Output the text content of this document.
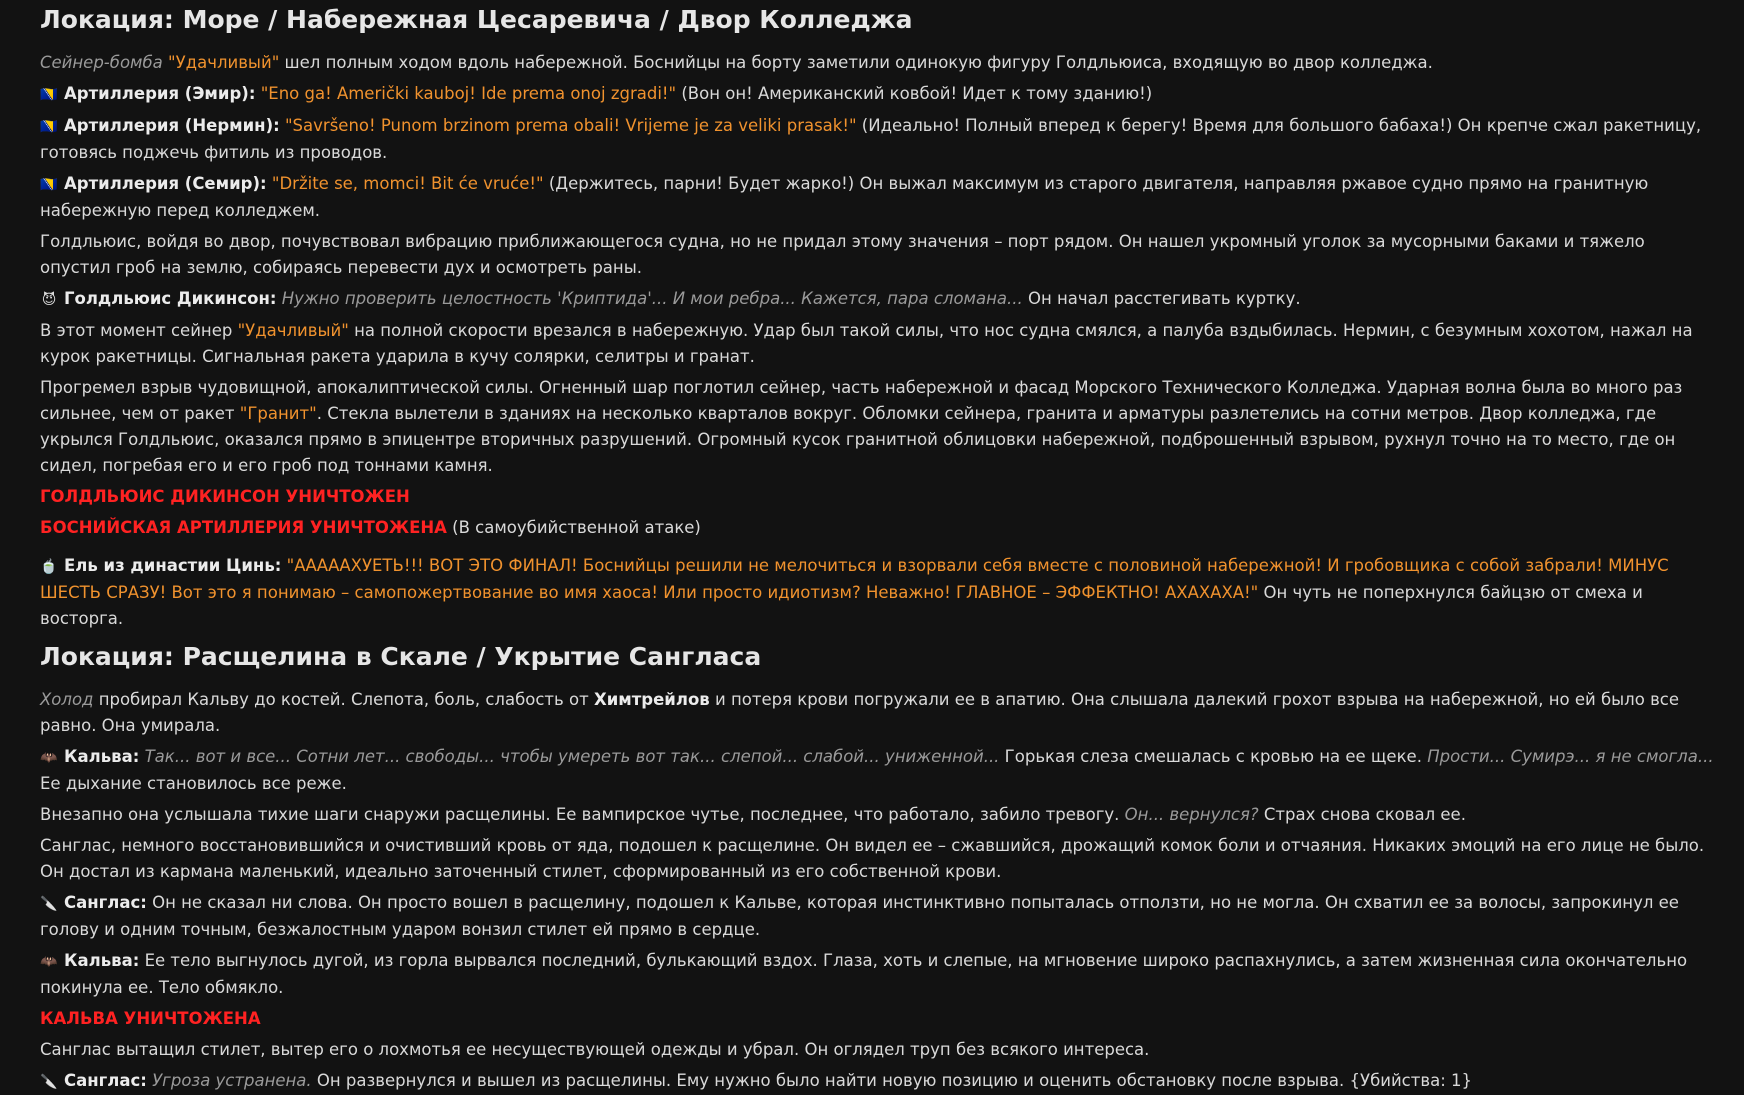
Локация: Море / Набережная Цесаревича / Двор Колледжа

Сейнер-бомба "Удачливый" шел полным ходом вдоль набережной. Боснийцы на борту заметили одинокую фигуру Голдльюиса, входящую во двор колледжа.

🇧🇦 Артиллерия (Эмир): "Eno ga! Američki kauboj! Ide prema onoj zgradi!" (Вон он! Американский ковбой! Идет к тому зданию!)

🇧🇦 Артиллерия (Нермин): "Savršeno! Punom brzinom prema obali! Vrijeme je za veliki prasak!" (Идеально! Полный вперед к берегу! Время для большого бабаха!) Он крепче сжал ракетницу, готовясь поджечь фитиль из проводов.

🇧🇦 Артиллерия (Семир): "Držite se, momci! Bit će vruće!" (Держитесь, парни! Будет жарко!) Он выжал максимум из старого двигателя, направляя ржавое судно прямо на гранитную набережную перед колледжем.

Голдльюис, войдя во двор, почувствовал вибрацию приближающегося судна, но не придал этому значения – порт рядом. Он нашел укромный уголок за мусорными баками и тяжело опустил гроб на землю, собираясь перевести дух и осмотреть раны.

😈 Голдльюис Дикинсон: Нужно проверить целостность 'Криптида'... И мои ребра... Кажется, пара сломана... Он начал расстегивать куртку.

В этот момент сейнер "Удачливый" на полной скорости врезался в набережную. Удар был такой силы, что нос судна смялся, а палуба вздыбилась. Нермин, с безумным хохотом, нажал на курок ракетницы. Сигнальная ракета ударила в кучу солярки, селитры и гранат.

Прогремел взрыв чудовищной, апокалиптической силы. Огненный шар поглотил сейнер, часть набережной и фасад Морского Технического Колледжа. Ударная волна была во много раз сильнее, чем от ракет "Гранит". Стекла вылетели в зданиях на несколько кварталов вокруг. Обломки сейнера, гранита и арматуры разлетелись на сотни метров. Двор колледжа, где укрылся Голдльюис, оказался прямо в эпицентре вторичных разрушений. Огромный кусок гранитной облицовки набережной, подброшенный взрывом, рухнул точно на то место, где он сидел, погребая его и его гроб под тоннами камня.

ГОЛДЛЬЮИС ДИКИНСОН УНИЧТОЖЕН

БОСНИЙСКАЯ АРТИЛЛЕРИЯ УНИЧТОЖЕНА (В самоубийственной атаке)

🍵 Ель из династии Цинь: "АААААХУЕТЬ!!! ВОТ ЭТО ФИНАЛ! Боснийцы решили не мелочиться и взорвали себя вместе с половиной набережной! И гробовщика с собой забрали! МИНУС ШЕСТЬ СРАЗУ! Вот это я понимаю – самопожертвование во имя хаоса! Или просто идиотизм? Неважно! ГЛАВНОЕ – ЭФФЕКТНО! АХАХАХА!" Он чуть не поперхнулся байцзю от смеха и восторга.

Локация: Расщелина в Скале / Укрытие Сангласа

Холод пробирал Кальву до костей. Слепота, боль, слабость от Химтрейлов и потеря крови погружали ее в апатию. Она слышала далекий грохот взрыва на набережной, но ей было все равно. Она умирала.

🦇 Кальва: Так... вот и все... Сотни лет... свободы... чтобы умереть вот так... слепой... слабой... униженной... Горькая слеза смешалась с кровью на ее щеке. Прости... Сумирэ... я не смогла... Ее дыхание становилось все реже.

Внезапно она услышала тихие шаги снаружи расщелины. Ее вампирское чутье, последнее, что работало, забило тревогу. Он... вернулся? Страх снова сковал ее.

Санглас, немного восстановившийся и очистивший кровь от яда, подошел к расщелине. Он видел ее – сжавшийся, дрожащий комок боли и отчаяния. Никаких эмоций на его лице не было. Он достал из кармана маленький, идеально заточенный стилет, сформированный из его собственной крови.

🔪 Санглас: Он не сказал ни слова. Он просто вошел в расщелину, подошел к Кальве, которая инстинктивно попыталась отползти, но не могла. Он схватил ее за волосы, запрокинул ее голову и одним точным, безжалостным ударом вонзил стилет ей прямо в сердце.

🦇 Кальва: Ее тело выгнулось дугой, из горла вырвался последний, булькающий вздох. Глаза, хоть и слепые, на мгновение широко распахнулись, а затем жизненная сила окончательно покинула ее. Тело обмякло.

КАЛЬВА УНИЧТОЖЕНА

Санглас вытащил стилет, вытер его о лохмотья ее несуществующей одежды и убрал. Он оглядел труп без всякого интереса.

🔪 Санглас: Угроза устранена. Он развернулся и вышел из расщелины. Ему нужно было найти новую позицию и оценить обстановку после взрыва. {Убийства: 1}
